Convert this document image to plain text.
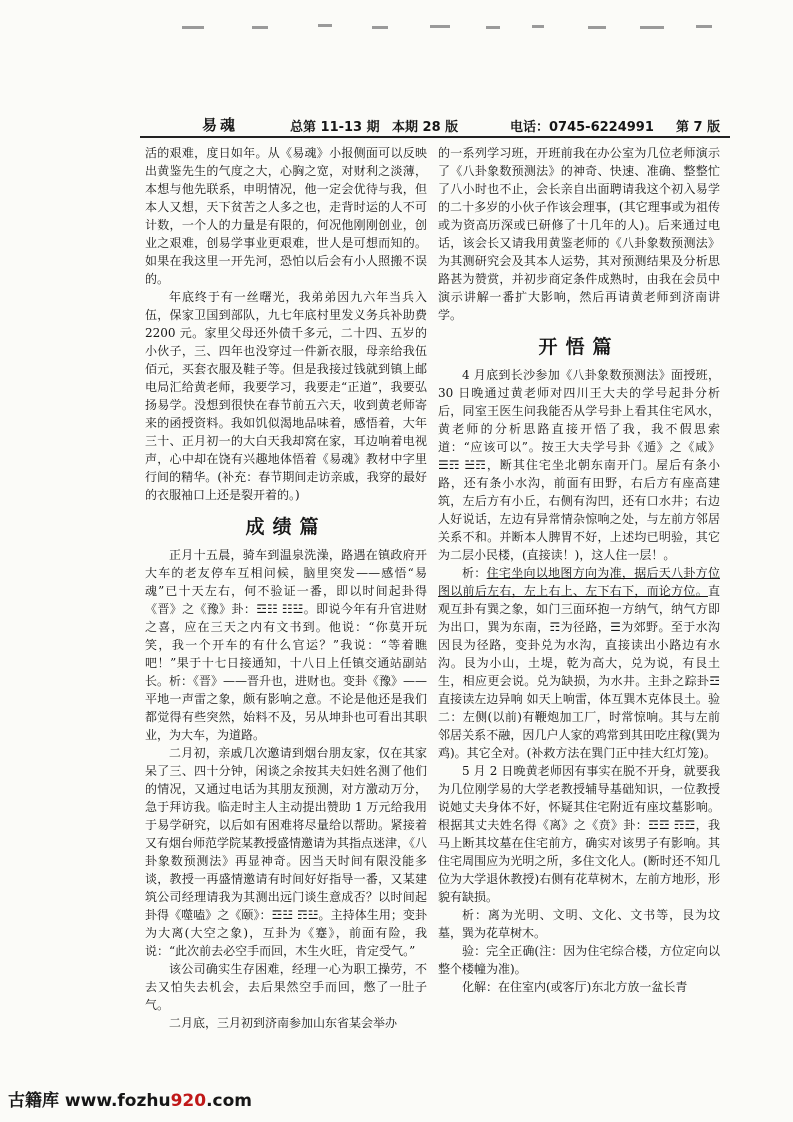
易魂	总第 11-13 期 本期 28 版	电话：0745-6224991 第 7 版

活的艰难，度日如年。从《易魂》小报侧面可以反映出黄鉴先生的气度之大，心胸之宽，对财利之淡薄，本想与他先联系，申明情况，他一定会优待与我，但本人又想，天下贫苦之人多之也，走背时运的人不可计数，一个人的力量是有限的，何况他刚刚创业，创业之艰难，创易学事业更艰难，世人是可想而知的。如果在我这里一开先河，恐怕以后会有小人照搬不误的。

年底终于有一丝曙光，我弟弟因九六年当兵入伍，保家卫国到部队，九七年底村里发义务兵补助费 2200 元。家里父母还外债千多元，二十四、五岁的小伙子，三、四年也没穿过一件新衣服，母亲给我伍佰元，买套衣服及鞋子等。但是我接过钱就到镇上邮电局汇给黄老师，我要学习，我要走“正道”，我要弘扬易学。没想到很快在春节前五六天，收到黄老师寄来的函授资料。我如饥似渴地品味着，感悟着，大年三十、正月初一的大白天我却窝在家，耳边响着电视声，心中却在饶有兴趣地体悟着《易魂》教材中字里行间的精华。(补充：春节期间走访亲戚，我穿的最好的衣服袖口上还是裂开着的。)

成绩篇

正月十五晨，骑车到温泉洗澡，路遇在镇政府开大车的老友停车互相问候，脑里突发——感悟“易魂”已十天左右，何不验证一番，即以时间起卦得《晋》之《豫》卦：☲☷ ☷☳。即说今年有升官进财之喜，应在三天之内有文书到。他说：“你莫开玩笑，我一个开车的有什么官运？”我说：“等着瞧吧！”果于十七日接通知，十八日上任镇交通站副站长。析：《晋》——晋升也，进财也。变卦《豫》——平地一声雷之象，颇有影响之意。不论是他还是我们都觉得有些突然，始料不及，另从坤卦也可看出其职业，为大车，为道路。

二月初，亲戚几次邀请到烟台朋友家，仅在其家呆了三、四十分钟，闲谈之余按其夫妇姓名测了他们的情况，又通过电话为其朋友预测，对方激动万分，急于拜访我。临走时主人主动提出赞助 1 万元给我用于易学研究，以后如有困难将尽量给以帮助。紧接着又有烟台师范学院某教授盛情邀请为其指点迷津，《八卦象数预测法》再显神奇。因当天时间有限没能多谈，教授一再盛情邀请有时间好好指导一番，又某建筑公司经理请我为其测出远门谈生意成否？以时间起卦得《噬嗑》之《颐》：☲☳ ☶☳。主持体生用；变卦为大离(大空之象)，互卦为《蹇》，前面有险，我说：“此次前去必空手而回，木生火旺，肯定受气。”

该公司确实生存困难，经理一心为职工操劳，不去又怕失去机会，去后果然空手而回，憋了一肚子气。

二月底，三月初到济南参加山东省某会举办

的一系列学习班，开班前我在办公室为几位老师演示了《八卦象数预测法》的神奇、快速、准确、整整忙了八小时也不止，会长亲自出面聘请我这个初入易学的二十多岁的小伙子作该会理事，(其它理事或为祖传或为资高历深或已研修了十几年的人)。后来通过电话，该会长又请我用黄鉴老师的《八卦象数预测法》为其测研究会及其本人运势，其对预测结果及分析思路甚为赞赏，并初步商定条件成熟时，由我在会员中演示讲解一番扩大影响，然后再请黄老师到济南讲学。

开悟篇

4 月底到长沙参加《八卦象数预测法》面授班，30 日晚通过黄老师对四川王大夫的学号起卦分析后，同室王医生问我能否从学号卦上看其住宅风水，黄老师的分析思路直接开悟了我，我不假思索道：“应该可以”。按王大夫学号卦《遁》之《咸》☰☶ ☱☶，断其住宅坐北朝东南开门。屋后有条小路，还有条小水沟，前面有田野，右后方有座高建筑，左后方有小丘，右侧有沟凹，还有口水井；右边人好说话，左边有异常情杂惊响之处，与左前方邻居关系不和。并断本人脾胃不好，上述均已明验，其它为二层小民楼，(直接读！)，这人住一层！。

析：住宅坐向以地图方向为准，据后天八卦方位图以前后左右，左上右上、左下右下，而论方位。直观互卦有巽之象，如门三面环抱一方纳气，纳气方即为出口，巽为东南，☶为径路，☰为郊野。至于水沟因艮为径路，变卦兑为水沟，直接读出小路边有水沟。艮为小山，土堤，乾为高大，兑为说，有艮土生，相应更会说。兑为缺损，为水井。主卦之踪卦☲直接读左边异响 如天上响雷，体互巽木克体艮土。验二：左侧(以前)有鞭炮加工厂，时常惊响。其与左前邻居关系不融，因几户人家的鸡常到其田吃庄稼(巽为鸡)。其它全对。(补救方法在巽门正中挂大红灯笼)。

5 月 2 日晚黄老师因有事实在脱不开身，就要我为几位刚学易的大学老教授辅导基础知识，一位教授说她丈夫身体不好，怀疑其住宅附近有座坟墓影响。根据其丈夫姓名得《离》之《贲》卦：☲☲ ☶☲，我马上断其坟墓在住宅前方，确实对该男子有影响。其住宅周围应为光明之所，多住文化人。(断时还不知几位为大学退休教授)右侧有花草树木，左前方地形，形貌有缺损。

析：离为光明、文明、文化、文书等，艮为坟墓，巽为花草树木。

验：完全正确(注：因为住宅综合楼，方位定向以整个楼幢为准)。

化解：在住室内(或客厅)东北方放一盆长青

古籍库 www.fozhu920.com
